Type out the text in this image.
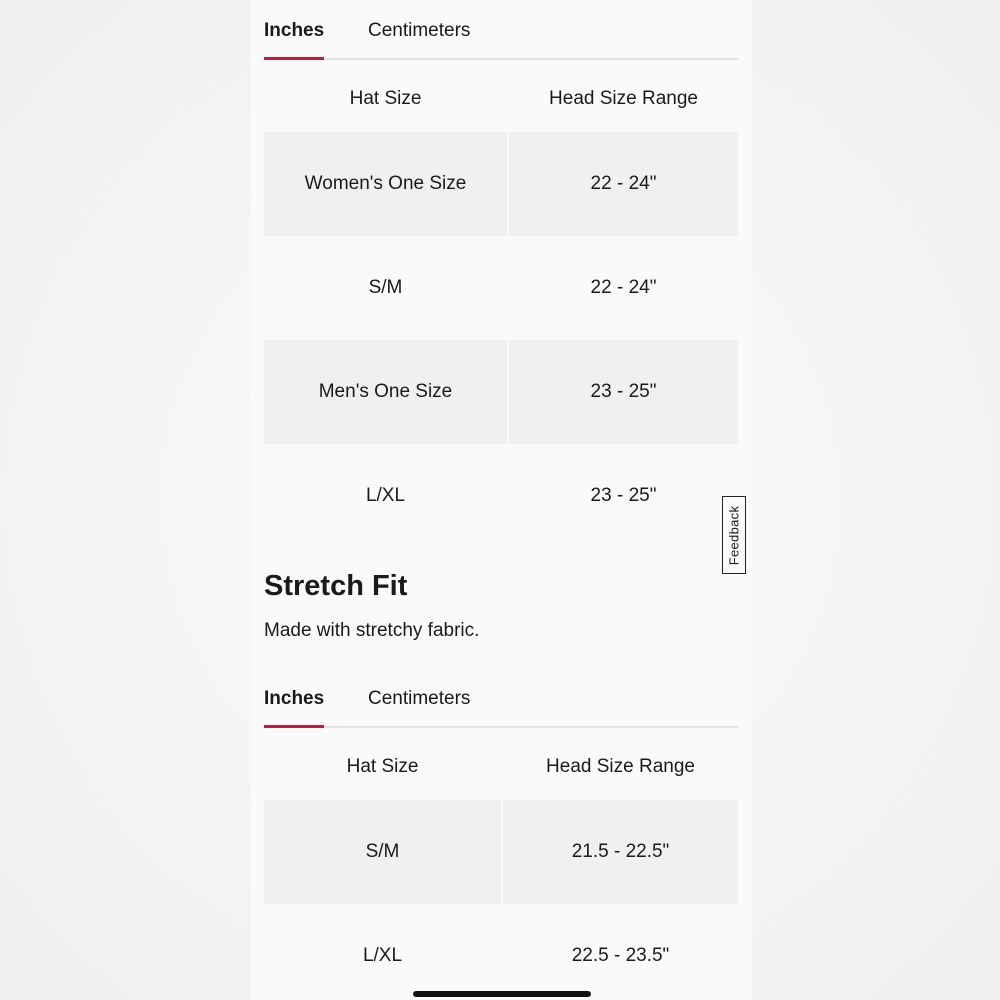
Inches Centimeters
Hat Size	Head Size Range
Women's One Size	22 - 24"
S/M	22 - 24"
Men's One Size	23 - 25"
L/XL	23 - 25"
Stretch Fit
Made with stretchy fabric.
Inches Centimeters
Hat Size	Head Size Range
S/M	21.5 - 22.5"
L/XL	22.5 - 23.5"
Feedback
